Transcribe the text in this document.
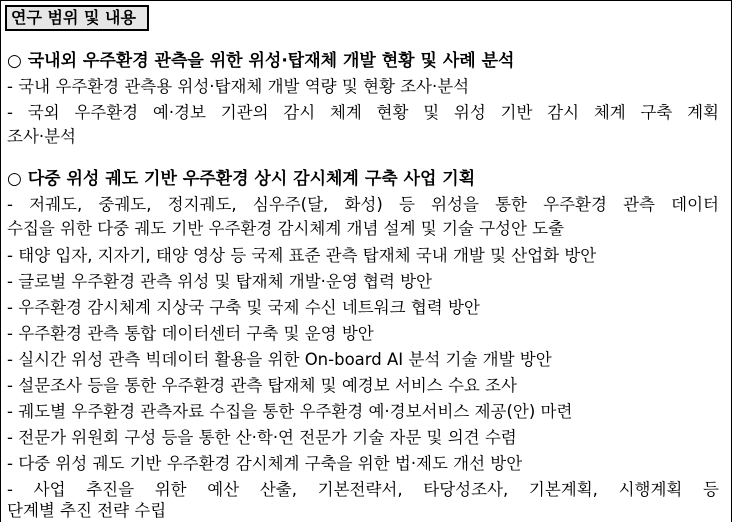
연구 범위 및 내용
○ 국내외 우주환경 관측을 위한 위성·탑재체 개발 현황 및 사례 분석
- 국내 우주환경 관측용 위성·탑재체 개발 역량 및 현황 조사·분석
- 국외 우주환경 예·경보 기관의 감시 체계 현황 및 위성 기반 감시 체계 구축 계획
조사·분석
○ 다중 위성 궤도 기반 우주환경 상시 감시체계 구축 사업 기획
- 저궤도, 중궤도, 정지궤도, 심우주(달, 화성) 등 위성을 통한 우주환경 관측 데이터
수집을 위한 다중 궤도 기반 우주환경 감시체계 개념 설계 및 기술 구성안 도출
- 태양 입자, 지자기, 태양 영상 등 국제 표준 관측 탑재체 국내 개발 및 산업화 방안
- 글로벌 우주환경 관측 위성 및 탑재체 개발·운영 협력 방안
- 우주환경 감시체계 지상국 구축 및 국제 수신 네트워크 협력 방안
- 우주환경 관측 통합 데이터센터 구축 및 운영 방안
- 실시간 위성 관측 빅데이터 활용을 위한 On-board AI 분석 기술 개발 방안
- 설문조사 등을 통한 우주환경 관측 탑재체 및 예경보 서비스 수요 조사
- 궤도별 우주환경 관측자료 수집을 통한 우주환경 예·경보서비스 제공(안) 마련
- 전문가 위원회 구성 등을 통한 산·학·연 전문가 기술 자문 및 의견 수렴
- 다중 위성 궤도 기반 우주환경 감시체계 구축을 위한 법·제도 개선 방안
- 사업 추진을 위한 예산 산출, 기본전략서, 타당성조사, 기본계획, 시행계획 등
단계별 추진 전략 수립
